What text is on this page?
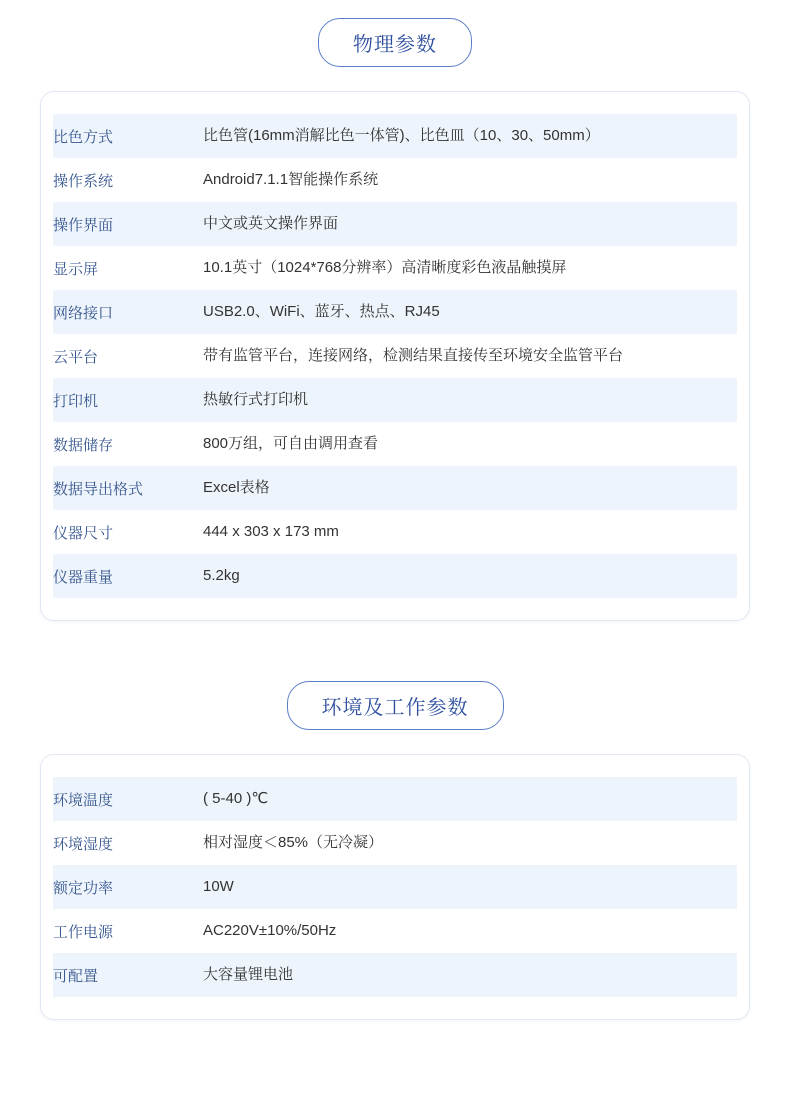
物理参数
比色方式	比色管(16mm消解比色一体管)、比色皿（10、30、50mm）
操作系统	Android7.1.1智能操作系统
操作界面	中文或英文操作界面
显示屏	10.1英寸（1024*768分辨率）高清晰度彩色液晶触摸屏
网络接口	USB2.0、WiFi、蓝牙、热点、RJ45
云平台	带有监管平台，连接网络，检测结果直接传至环境安全监管平台
打印机	热敏行式打印机
数据储存	800万组，可自由调用查看
数据导出格式	Excel表格
仪器尺寸	444 x 303 x 173 mm
仪器重量	5.2kg
环境及工作参数
环境温度	( 5-40 )℃
环境湿度	相对湿度＜85%（无冷凝）
额定功率	10W
工作电源	AC220V±10%/50Hz
可配置	大容量锂电池
